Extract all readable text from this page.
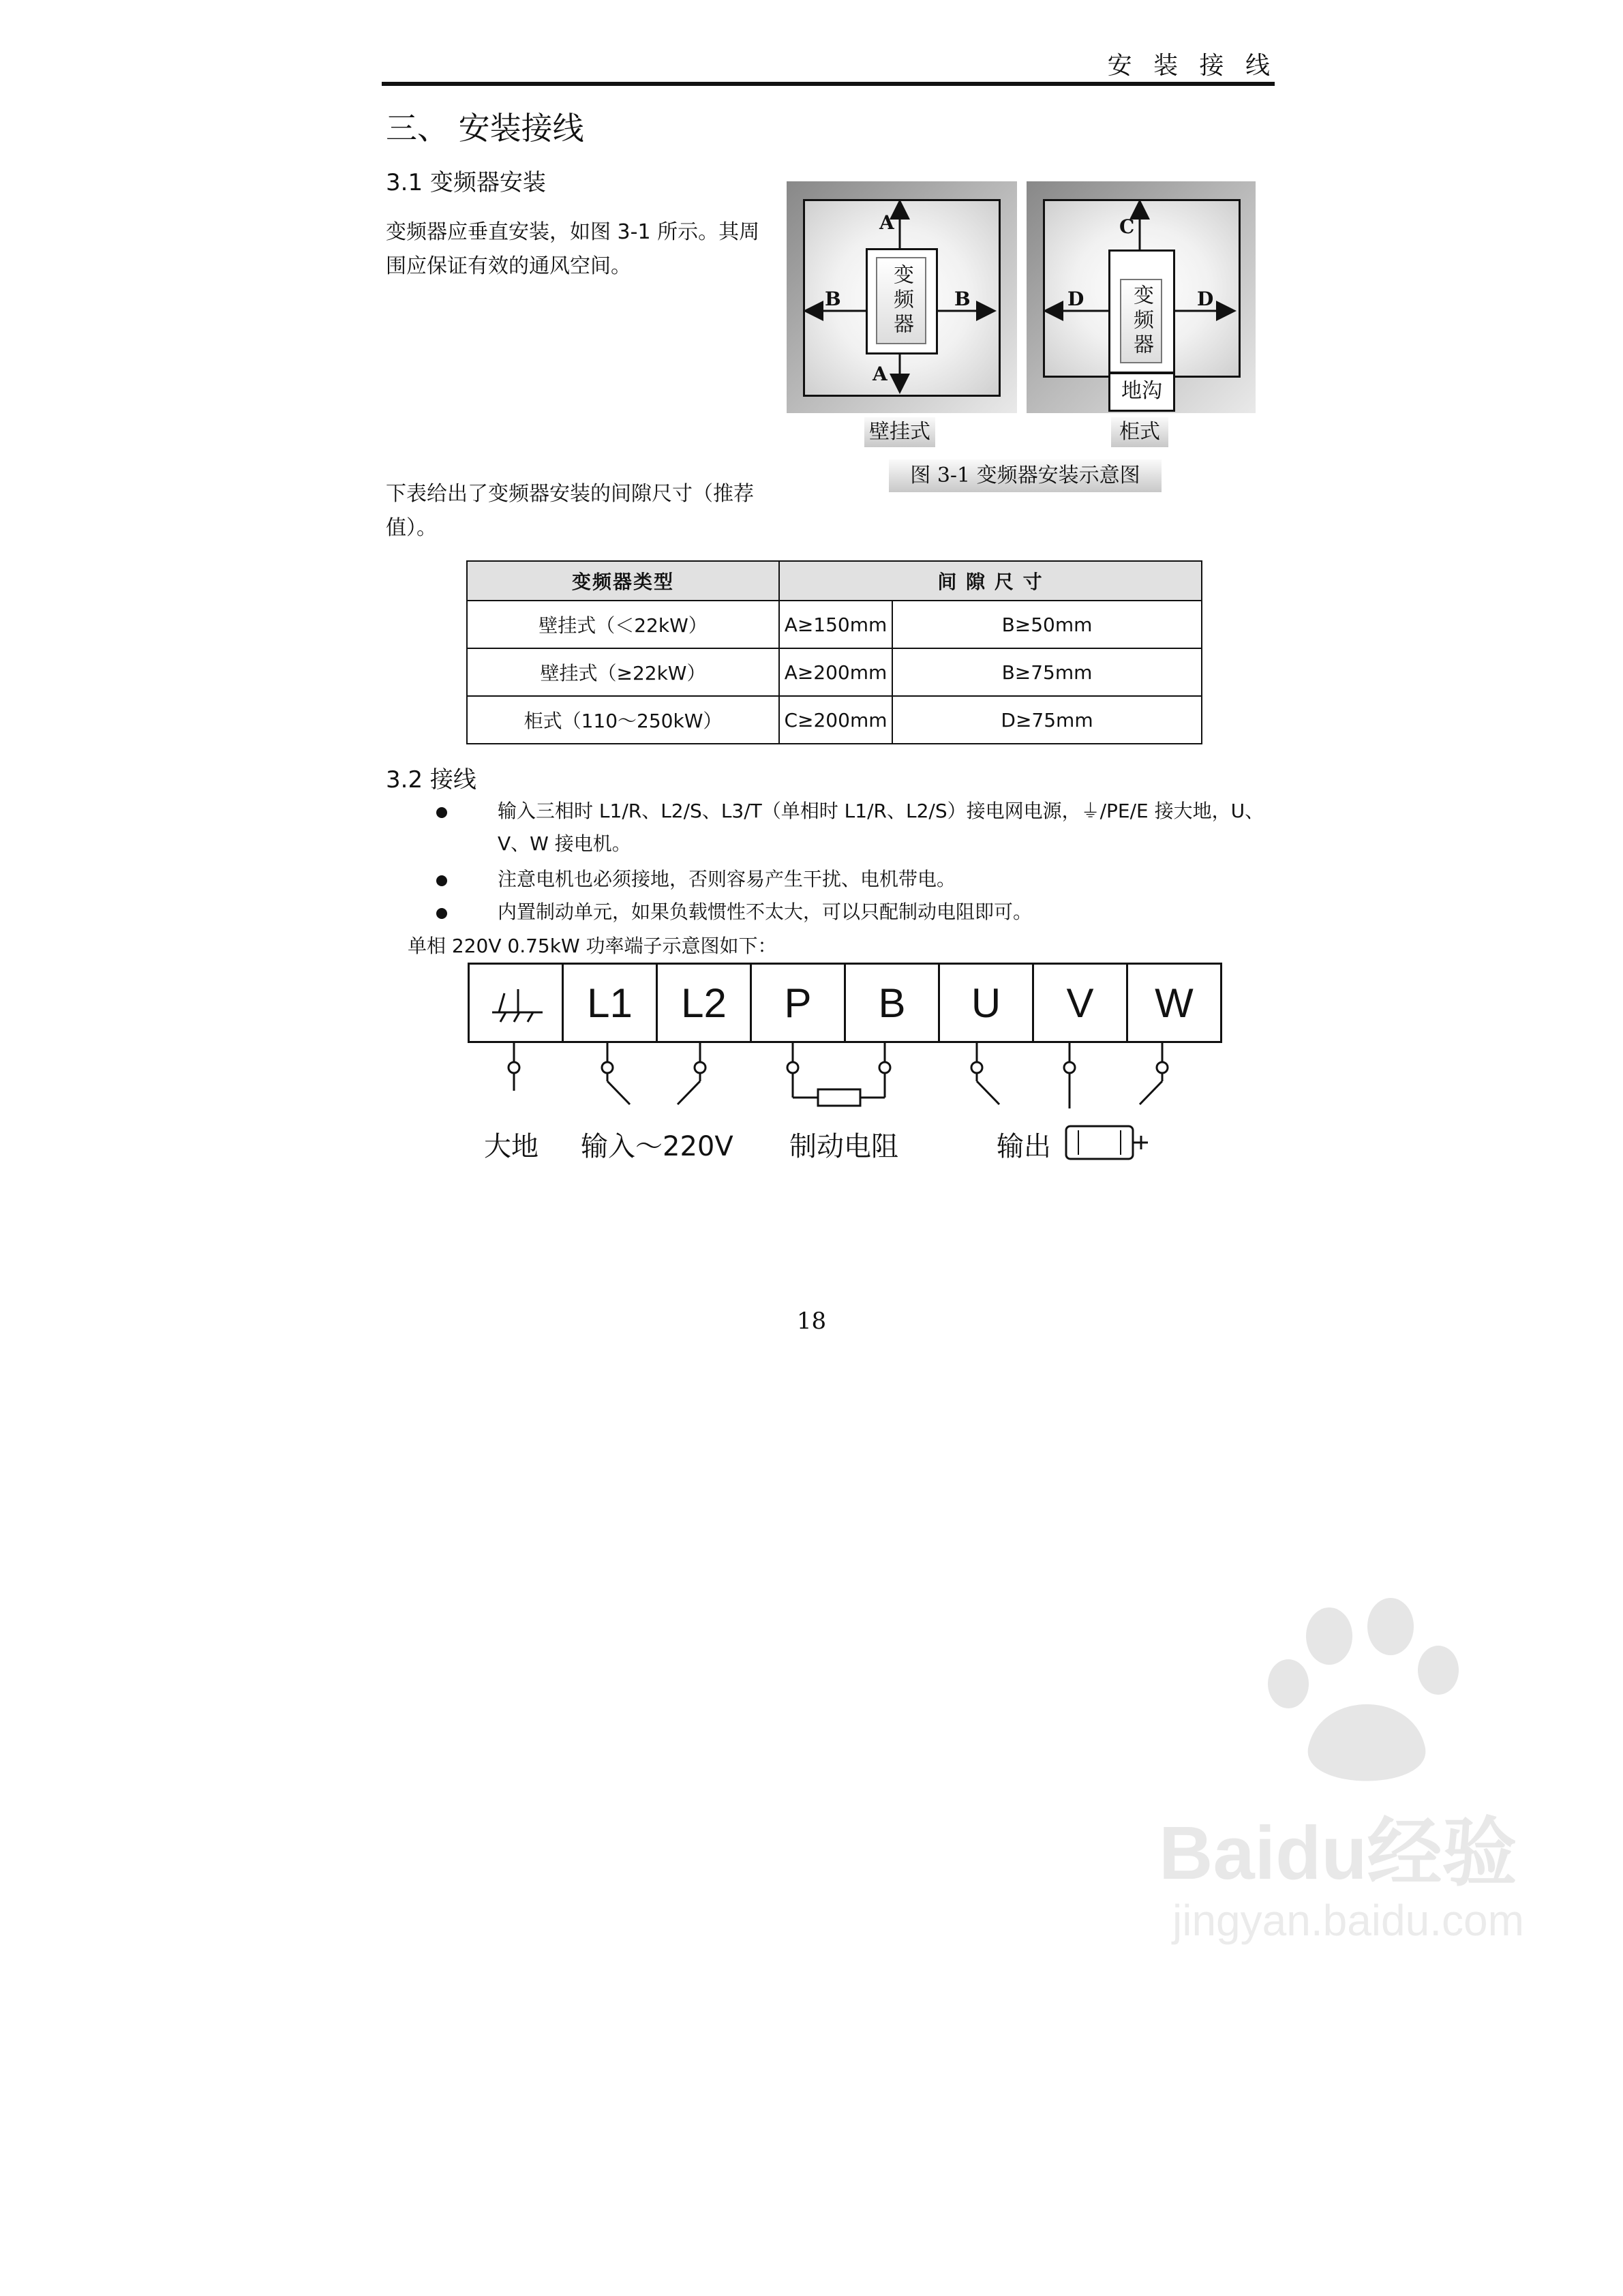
安 装 接 线
三、 安装接线
3.1 变频器安装
变频器应垂直安装，如图 3-1 所示。其周围应保证有效的通风空间。	变频器
A
A
B	B
壁挂式
变频器
地沟
C
D	D
柜式
图 3-1 变频器安装示意图
下表给出了变频器安装的间隙尺寸（推荐值）。
变频器类型	间 隙 尺 寸	
壁挂式（＜22kW）	A≥150mm	B≥50mm
壁挂式（≥22kW）	A≥200mm	B≥75mm
柜式（110～250kW）	C≥200mm	D≥75mm
3.2 接线
输入三相时 L1/R、L2/S、L3/T（单相时 L1/R、L2/S）接电网电源，⏚/PE/E 接大地，U、V、W 接电机。
注意电机也必须接地，否则容易产生干扰、电机带电。
内置制动单元，如果负载惯性不太大，可以只配制动电阻即可。
单相 220V 0.75kW 功率端子示意图如下：
L1	L2	P	B	U	V	W
大地 输入～220V 制动电阻	输出
18
Baidu经验
jingyan.baidu.com
